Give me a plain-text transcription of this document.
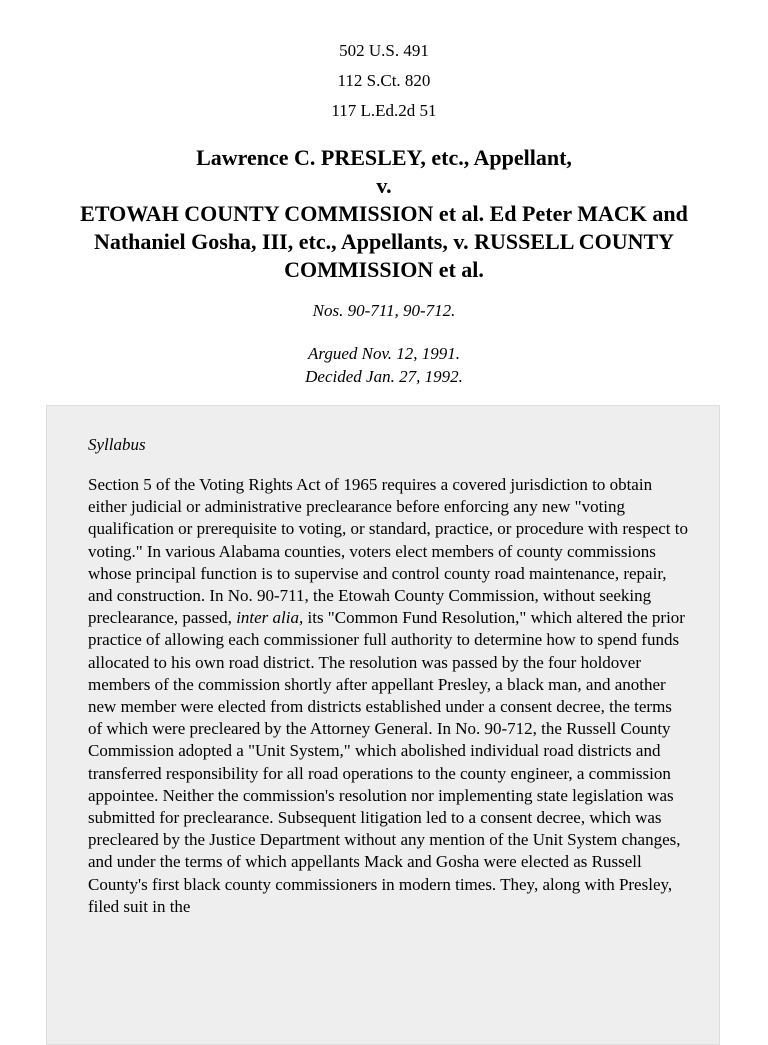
502 U.S. 491
112 S.Ct. 820
117 L.Ed.2d 51
Lawrence C. PRESLEY, etc., Appellant,
v.
ETOWAH COUNTY COMMISSION et al. Ed Peter MACK and Nathaniel Gosha, III, etc., Appellants, v. RUSSELL COUNTY COMMISSION et al.
Nos. 90-711, 90-712.
Argued Nov. 12, 1991.
Decided Jan. 27, 1992.
Syllabus
Section 5 of the Voting Rights Act of 1965 requires a covered jurisdiction to obtain either judicial or administrative preclearance before enforcing any new "voting qualification or prerequisite to voting, or standard, practice, or procedure with respect to voting." In various Alabama counties, voters elect members of county commissions whose principal function is to supervise and control county road maintenance, repair, and construction. In No. 90-711, the Etowah County Commission, without seeking preclearance, passed, inter alia, its "Common Fund Resolution," which altered the prior practice of allowing each commissioner full authority to determine how to spend funds allocated to his own road district. The resolution was passed by the four holdover members of the commission shortly after appellant Presley, a black man, and another new member were elected from districts established under a consent decree, the terms of which were precleared by the Attorney General. In No. 90-712, the Russell County Commission adopted a "Unit System," which abolished individual road districts and transferred responsibility for all road operations to the county engineer, a commission appointee. Neither the commission's resolution nor implementing state legislation was submitted for preclearance. Subsequent litigation led to a consent decree, which was precleared by the Justice Department without any mention of the Unit System changes, and under the terms of which appellants Mack and Gosha were elected as Russell County's first black county commissioners in modern times. They, along with Presley, filed suit in the
